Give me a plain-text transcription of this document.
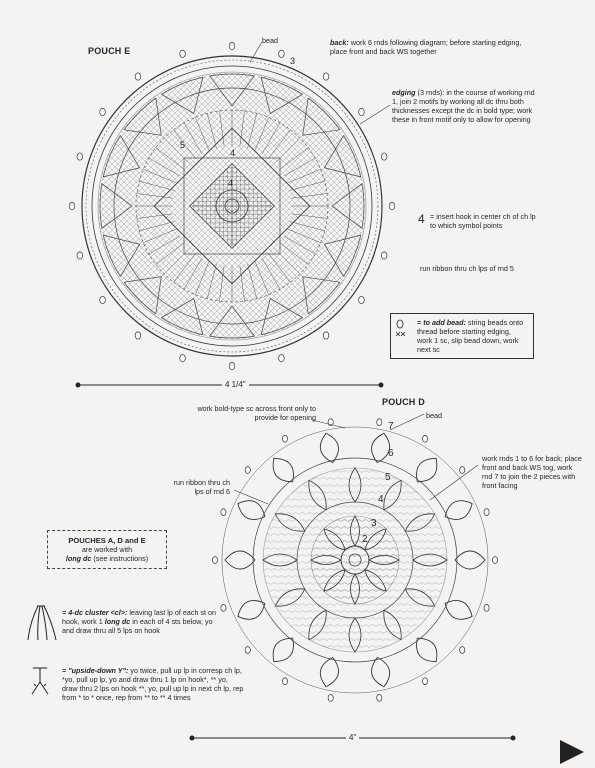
POUCH E
bead	back: work 6 rnds following diagram; before starting edging, place front and back WS together
edging (3 rnds): in the course of working rnd 1, join 2 motifs by working all dc thru both thicknesses except the dc in bold type; work these in front motif only to allow for opening
4 = insert hook in center ch of ch lp to which symbol points
run ribbon thru ch lps of rnd 5
= to add bead: string beads onto thread before starting edging, work 1 sc, slip bead down, work next sc
4 1/4"
3
4
5
4
POUCH D
work bold-type sc across front only to provide for opening	bead
work rnds 1 to 6 for back; place front and back WS tog, work rnd 7 to join the 2 pieces with front facing
run ribbon thru ch lps of rnd 6
4"
7
6
5
4
3
2
POUCHES A, D and E
are worked with
long dc (see instructions)
= 4-dc cluster <cl>: leaving last lp of each st on hook, work 1 long dc in each of 4 sts below, yo and draw thru all 5 lps on hook
= "upside-down Y": yo twice, pull up lp in corresp ch lp, *yo, pull up lp, yo and draw thru 1 lp on hook*, ** yo, draw thru 2 lps on hook **, yo, pull up lp in next ch lp, rep from * to * once, rep from ** to ** 4 times
